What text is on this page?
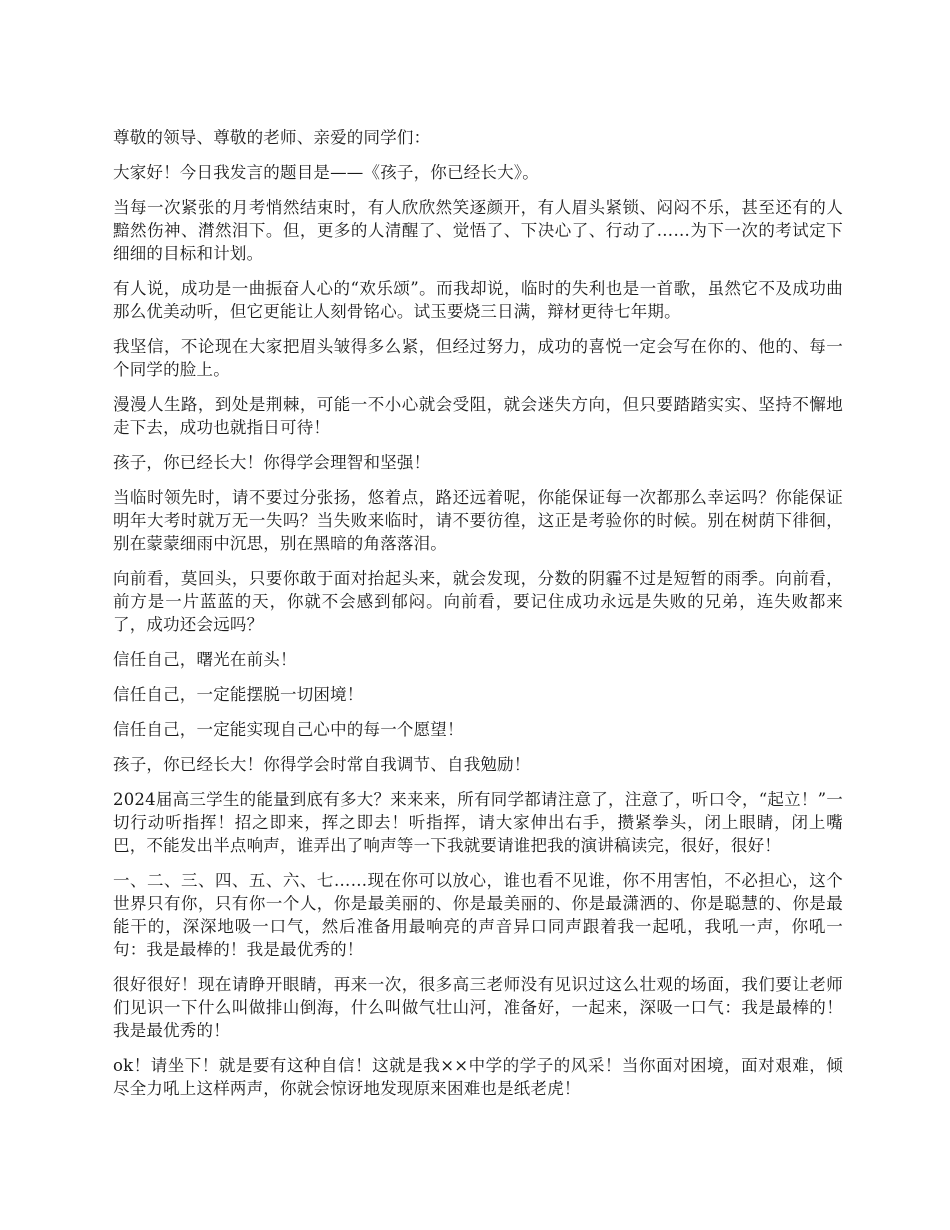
尊敬的领导、尊敬的老师、亲爱的同学们：

大家好！今日我发言的题目是——《孩子，你已经长大》。

当每一次紧张的月考悄然结束时，有人欣欣然笑逐颜开，有人眉头紧锁、闷闷不乐，甚至还有的人黯然伤神、潸然泪下。但，更多的人清醒了、觉悟了、下决心了、行动了……为下一次的考试定下细细的目标和计划。

有人说，成功是一曲振奋人心的“欢乐颂”。而我却说，临时的失利也是一首歌，虽然它不及成功曲那么优美动听，但它更能让人刻骨铭心。试玉要烧三日满，辩材更待七年期。

我坚信，不论现在大家把眉头皱得多么紧，但经过努力，成功的喜悦一定会写在你的、他的、每一个同学的脸上。

漫漫人生路，到处是荆棘，可能一不小心就会受阻，就会迷失方向，但只要踏踏实实、坚持不懈地走下去，成功也就指日可待！

孩子，你已经长大！你得学会理智和坚强！

当临时领先时，请不要过分张扬，悠着点，路还远着呢，你能保证每一次都那么幸运吗？你能保证明年大考时就万无一失吗？当失败来临时，请不要彷徨，这正是考验你的时候。别在树荫下徘徊，别在蒙蒙细雨中沉思，别在黑暗的角落落泪。

向前看，莫回头，只要你敢于面对抬起头来，就会发现，分数的阴霾不过是短暂的雨季。向前看，前方是一片蓝蓝的天，你就不会感到郁闷。向前看，要记住成功永远是失败的兄弟，连失败都来了，成功还会远吗？

信任自己，曙光在前头！

信任自己，一定能摆脱一切困境！

信任自己，一定能实现自己心中的每一个愿望！

孩子，你已经长大！你得学会时常自我调节、自我勉励！

2024届高三学生的能量到底有多大？来来来，所有同学都请注意了，注意了，听口令，“起立！”一切行动听指挥！招之即来，挥之即去！听指挥，请大家伸出右手，攒紧拳头，闭上眼睛，闭上嘴巴，不能发出半点响声，谁弄出了响声等一下我就要请谁把我的演讲稿读完，很好，很好！

一、二、三、四、五、六、七……现在你可以放心，谁也看不见谁，你不用害怕，不必担心，这个世界只有你，只有你一个人，你是最美丽的、你是最美丽的、你是最潇洒的、你是聪慧的、你是最能干的，深深地吸一口气，然后准备用最响亮的声音异口同声跟着我一起吼，我吼一声，你吼一句：我是最棒的！我是最优秀的！

很好很好！现在请睁开眼睛，再来一次，很多高三老师没有见识过这么壮观的场面，我们要让老师们见识一下什么叫做排山倒海，什么叫做气壮山河，准备好，一起来，深吸一口气：我是最棒的！我是最优秀的！

ok！请坐下！就是要有这种自信！这就是我××中学的学子的风采！当你面对困境，面对艰难，倾尽全力吼上这样两声，你就会惊讶地发现原来困难也是纸老虎！
